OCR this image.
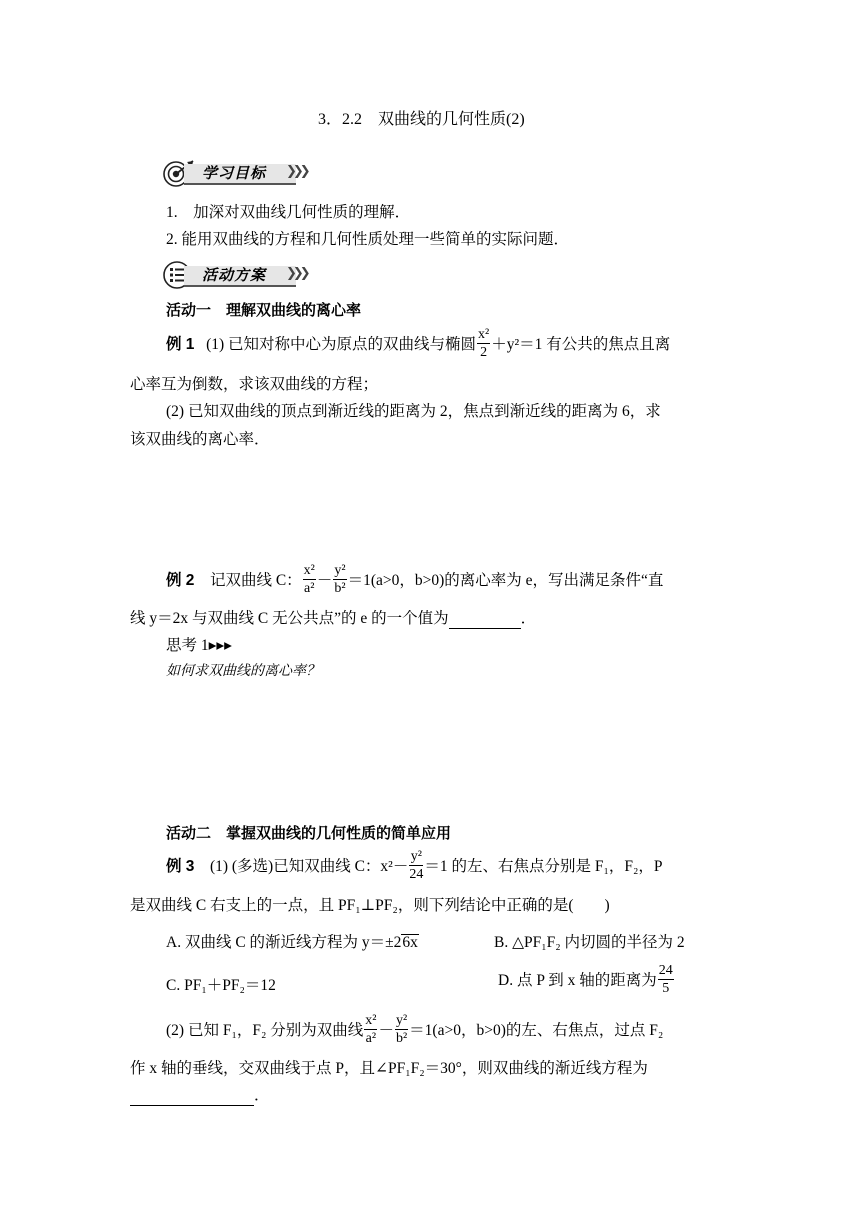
3．2.2　双曲线的几何性质(2)
学习目标 ❯❯❯
1.　加深对双曲线几何性质的理解．
2. 能用双曲线的方程和几何性质处理一些简单的实际问题．
活动方案 ❯❯❯
活动一　理解双曲线的离心率
例 1 (1) 已知对称中心为原点的双曲线与椭圆 $\frac{\text{x²}}{2} +y^2=1$ 有公共的焦点且离
心率互为倒数，求该双曲线的方程；
(2) 已知双曲线的顶点到渐近线的距离为 2，焦点到渐近线的距离为 6，求
该双曲线的离心率．
例 2 记双曲线 C： $\frac{\text{x²}}{\text{a²}} - \frac{\text{y²}}{\text{b²}} =1(a>0$，b>0)的离心率为 e，写出满足条件“直
线 y＝2x 与双曲线 C 无公共点”的 e 的一个值为	．
思考 1▸▸▸
如何求双曲线的离心率？
活动二　掌握双曲线的几何性质的简单应用
例 3 (1) (多选)已知双曲线 C：$x^2- \frac{\text{y²}}{24} =1$ 的左、右焦点分别是 F₁，F₂，P
是双曲线 C 右支上的一点，且 PF₁⊥PF₂，则下列结论中正确的是(　　)
A. 双曲线 C 的渐近线方程为 y＝±26x	B. △PF₁F₂ 内切圆的半径为 2
C. PF₁＋PF₂＝12	D. 点 P 到 x 轴的距离为 $\frac{24}{5}$
(2) 已知 F₁，F₂ 分别为双曲线 $\frac{\text{x²}}{\text{a²}} - \frac{\text{y²}}{\text{b²}} =1(a>0$，b>0)的左、右焦点，过点 F₂
作 x 轴的垂线，交双曲线于点 P，且∠PF₁F₂＝30°，则双曲线的渐近线方程为
．
